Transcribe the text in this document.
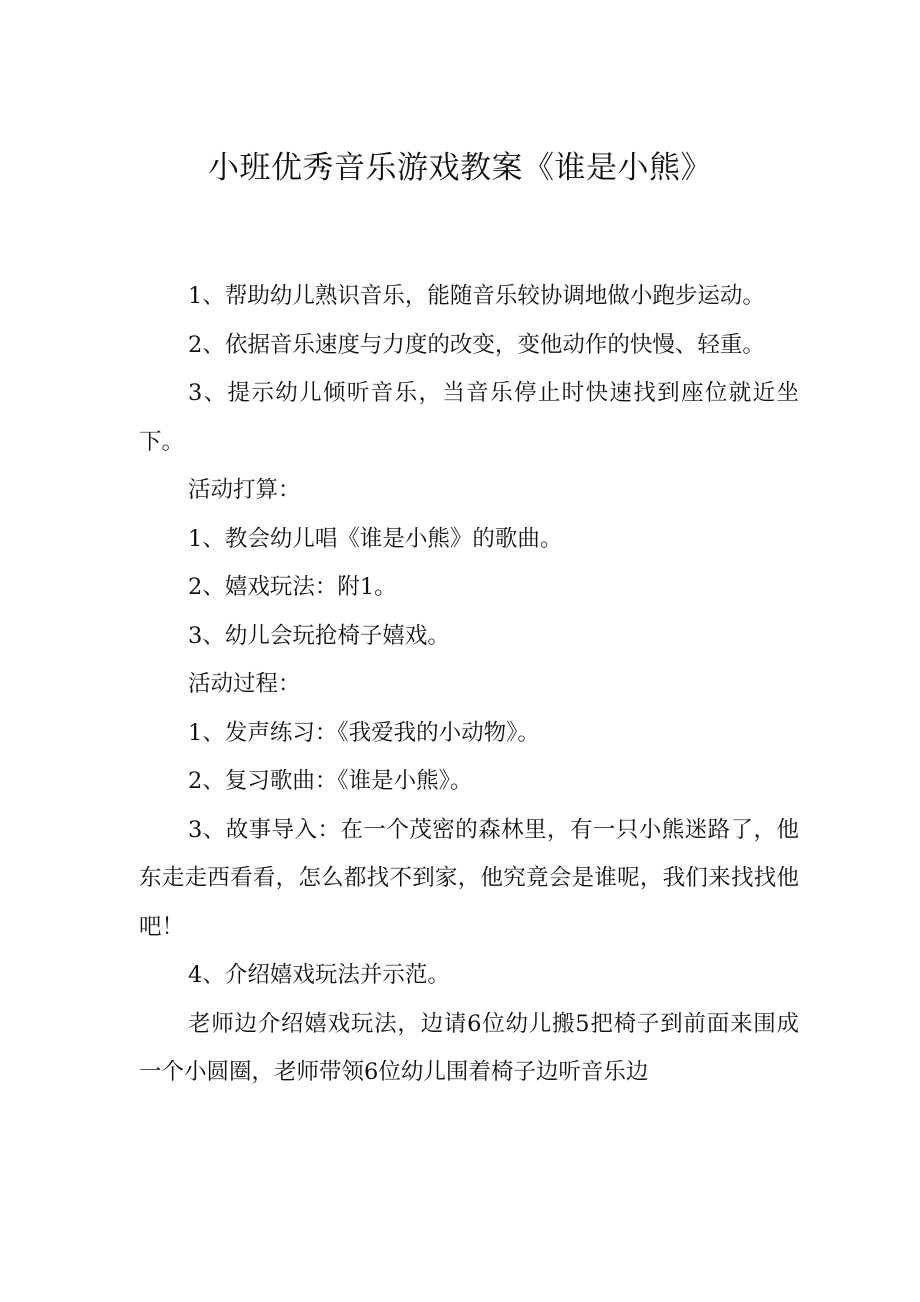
小班优秀音乐游戏教案《谁是小熊》

1、帮助幼儿熟识音乐，能随音乐较协调地做小跑步运动。

2、依据音乐速度与力度的改变，变他动作的快慢、轻重。

3、提示幼儿倾听音乐，当音乐停止时快速找到座位就近坐下。

活动打算：

1、教会幼儿唱《谁是小熊》的歌曲。

2、嬉戏玩法：附1。

3、幼儿会玩抢椅子嬉戏。

活动过程：

1、发声练习：《我爱我的小动物》。

2、复习歌曲：《谁是小熊》。

3、故事导入：在一个茂密的森林里，有一只小熊迷路了，他东走走西看看，怎么都找不到家，他究竟会是谁呢，我们来找找他吧！

4、介绍嬉戏玩法并示范。

老师边介绍嬉戏玩法，边请6位幼儿搬5把椅子到前面来围成一个小圆圈，老师带领6位幼儿围着椅子边听音乐边
